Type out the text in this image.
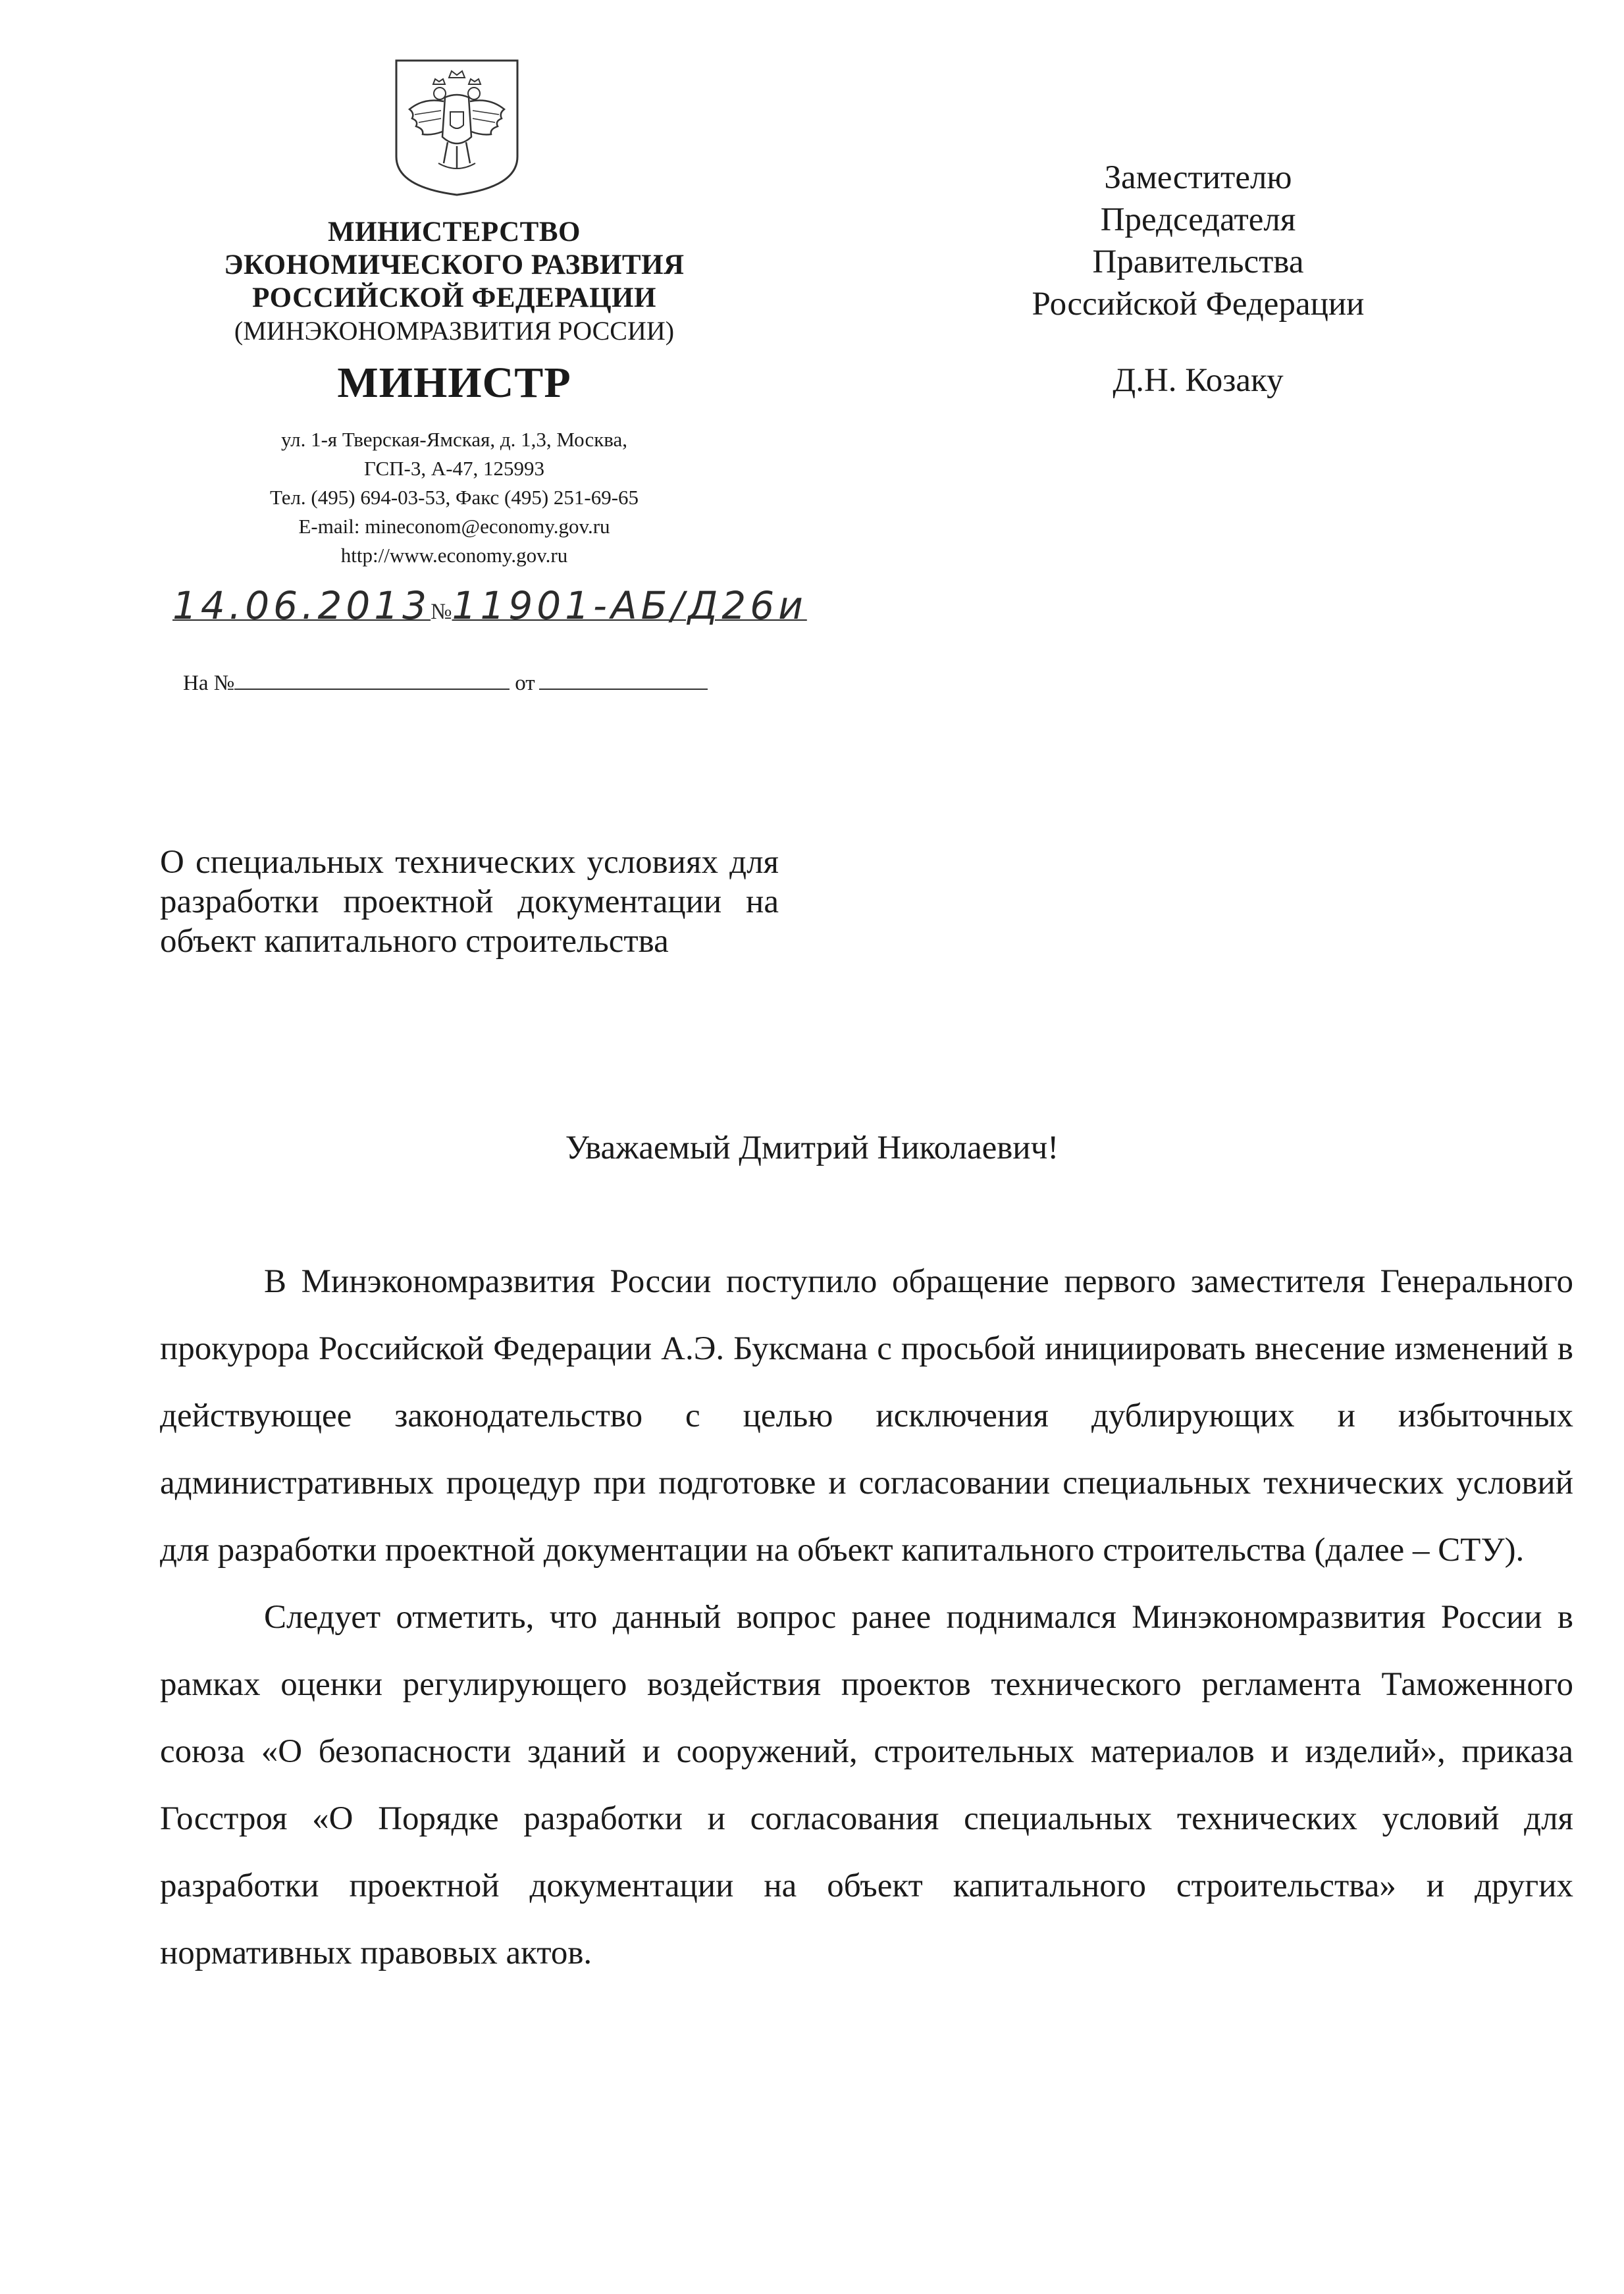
МИНИСТЕРСТВО
ЭКОНОМИЧЕСКОГО РАЗВИТИЯ
РОССИЙСКОЙ ФЕДЕРАЦИИ
(МИНЭКОНОМРАЗВИТИЯ РОССИИ)
МИНИСТР
ул. 1-я Тверская-Ямская, д. 1,3, Москва,
ГСП-3, А-47, 125993
Тел. (495) 694-03-53, Факс (495) 251-69-65
E-mail: mineconom@economy.gov.ru
http://www.economy.gov.ru
14.06.2013№11901-АБ/Д26и
На №	от
Заместителю
Председателя Правительства
Российской Федерации
Д.Н. Козаку
О специальных технических условиях для разработки проектной документации на объект капитального строительства
Уважаемый Дмитрий Николаевич!

В Минэкономразвития России поступило обращение первого заместителя Генерального прокурора Российской Федерации А.Э. Буксмана с просьбой инициировать внесение изменений в действующее законодательство с целью исключения дублирующих и избыточных административных процедур при подготовке и согласовании специальных технических условий для разработки проектной документации на объект капитального строительства (далее – СТУ).

Следует отметить, что данный вопрос ранее поднимался Минэкономразвития России в рамках оценки регулирующего воздействия проектов технического регламента Таможенного союза «О безопасности зданий и сооружений, строительных материалов и изделий», приказа Госстроя «О Порядке разработки и согласования специальных технических условий для разработки проектной документации на объект капитального строительства» и других нормативных правовых актов.
